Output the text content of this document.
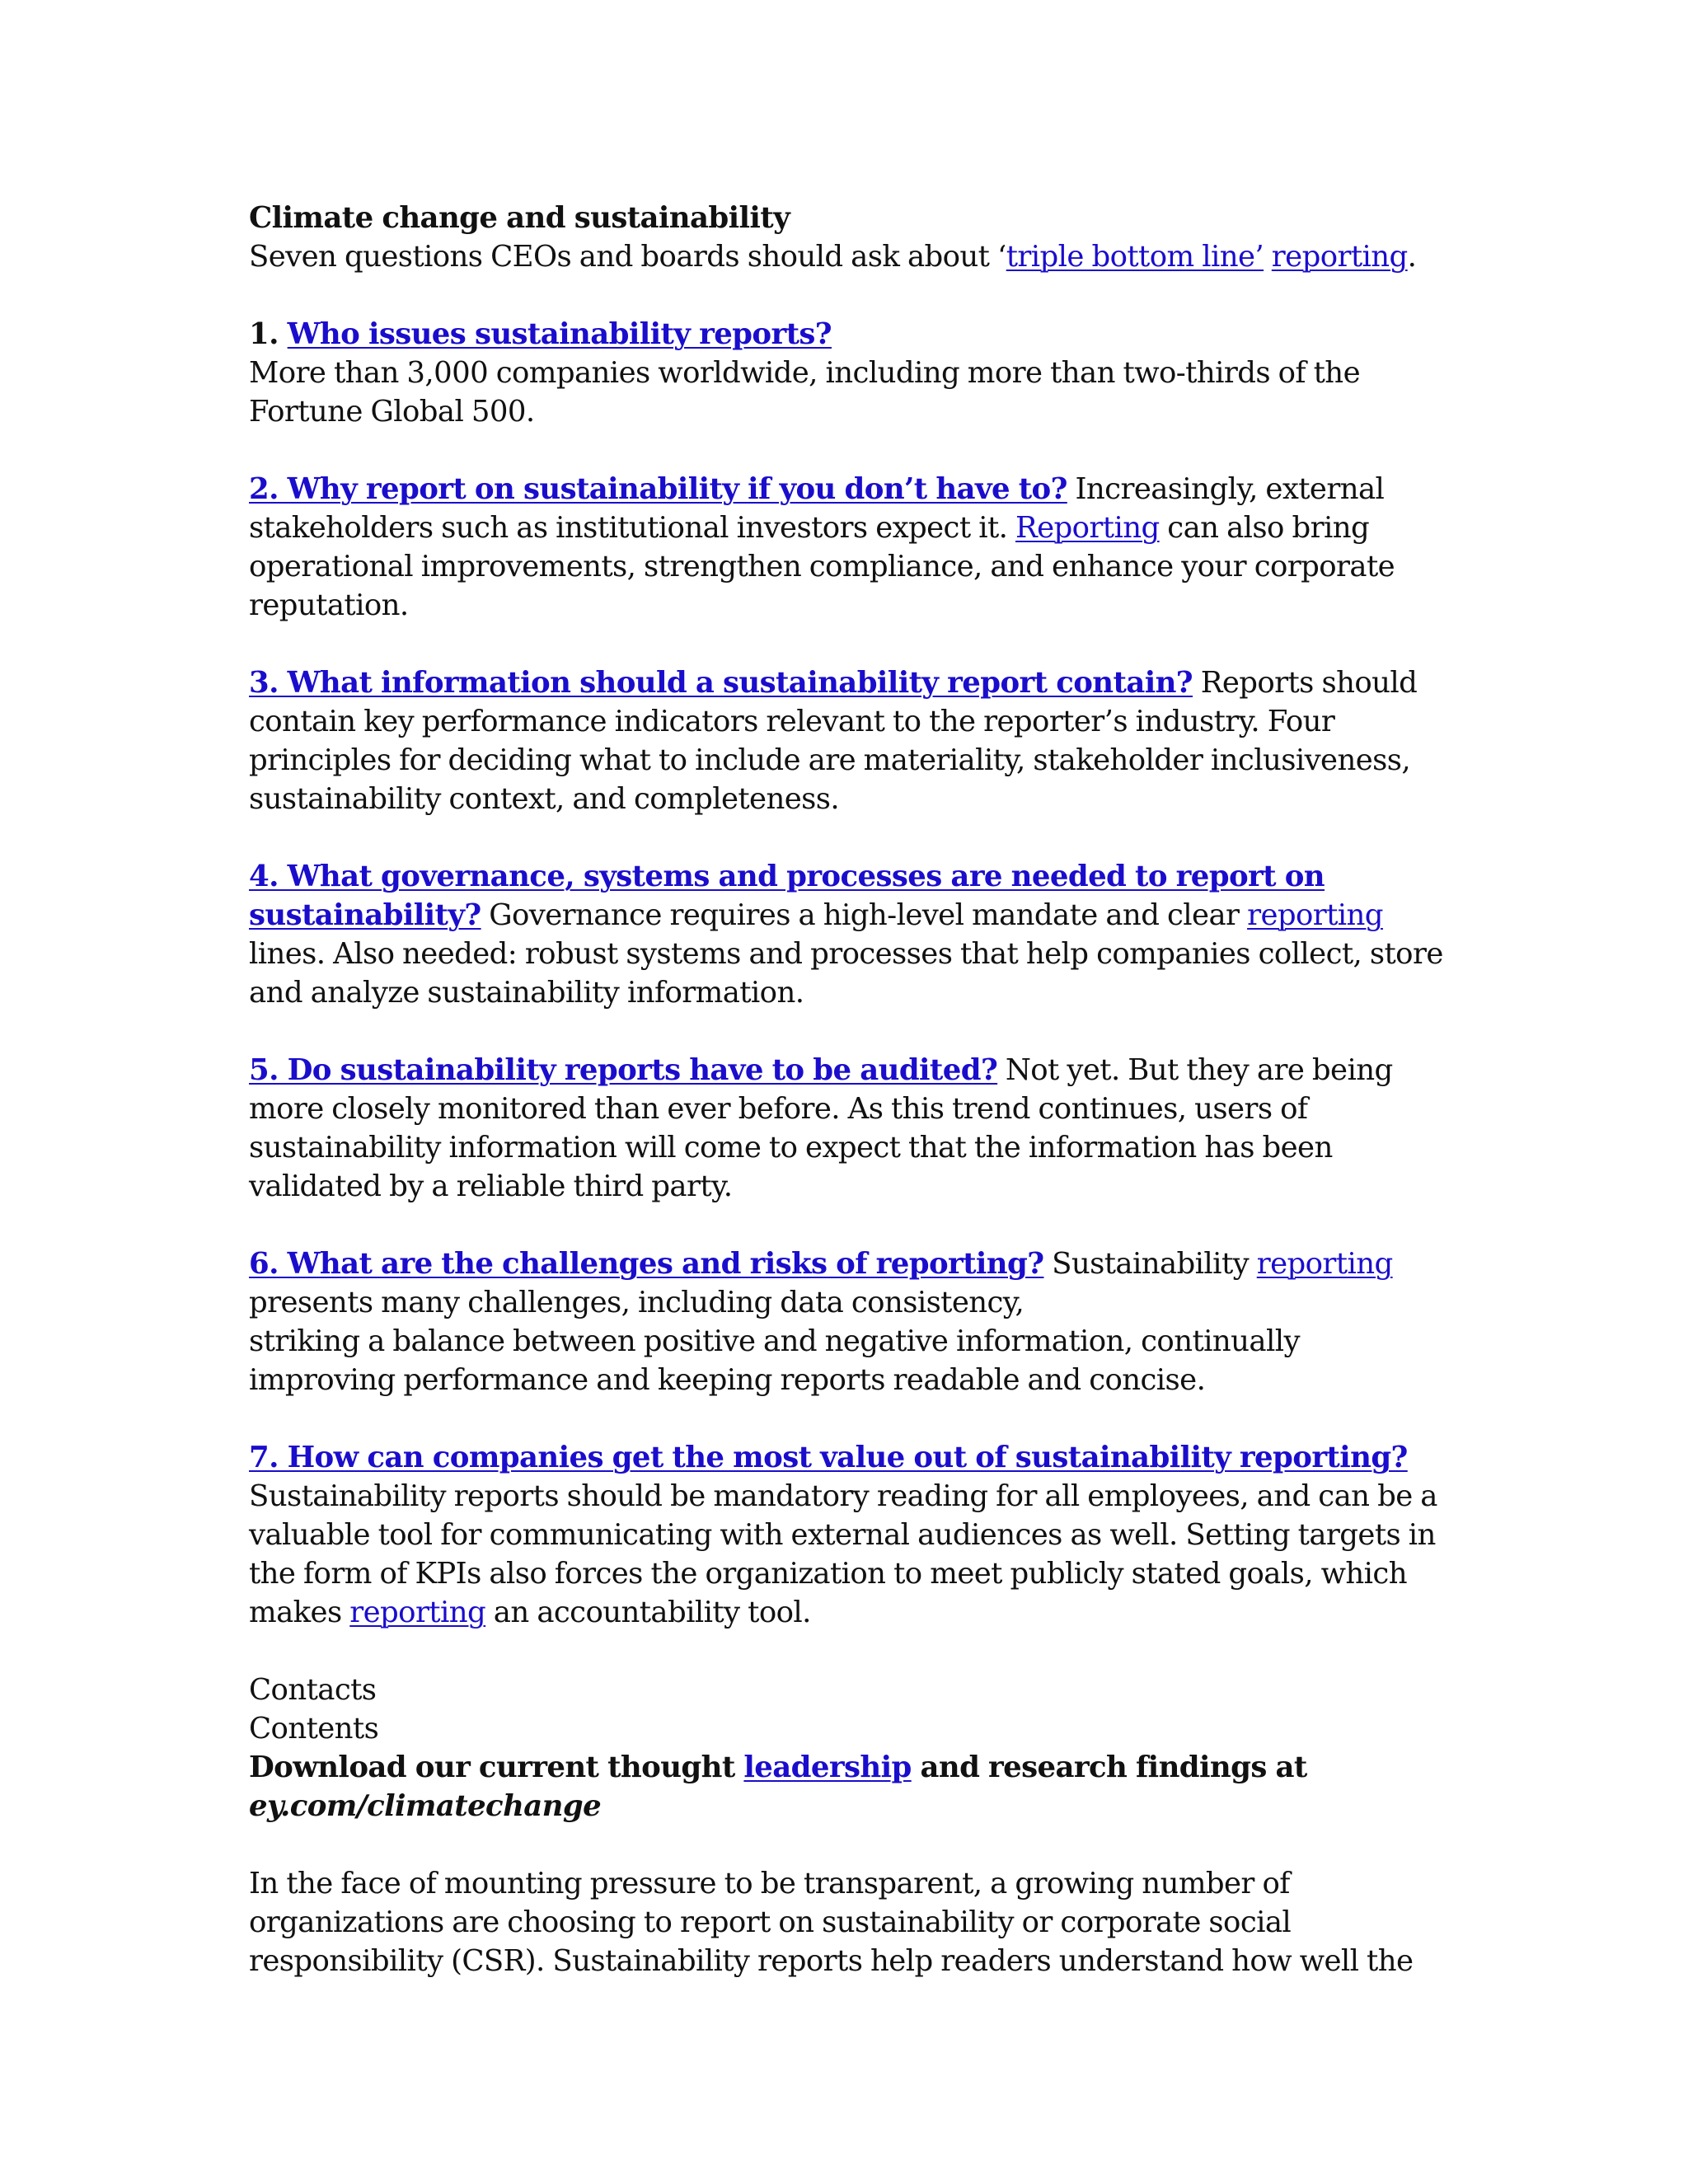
Climate change and sustainability
Seven questions CEOs and boards should ask about ‘triple bottom line’ reporting.
1. Who issues sustainability reports?
More than 3,000 companies worldwide, including more than two-thirds of the Fortune Global 500.
2. Why report on sustainability if you don’t have to? Increasingly, external stakeholders such as institutional investors expect it. Reporting can also bring operational improvements, strengthen compliance, and enhance your corporate reputation.
3. What information should a sustainability report contain? Reports should contain key performance indicators relevant to the reporter’s industry. Four principles for deciding what to include are materiality, stakeholder inclusiveness, sustainability context, and completeness.
4. What governance, systems and processes are needed to report on sustainability? Governance requires a high-level mandate and clear reporting lines. Also needed: robust systems and processes that help companies collect, store and analyze sustainability information.
5. Do sustainability reports have to be audited? Not yet. But they are being more closely monitored than ever before. As this trend continues, users of sustainability information will come to expect that the information has been validated by a reliable third party.
6. What are the challenges and risks of reporting? Sustainability reporting
presents many challenges, including data consistency,
striking a balance between positive and negative information, continually improving performance and keeping reports readable and concise.
7. How can companies get the most value out of sustainability reporting?
Sustainability reports should be mandatory reading for all employees, and can be a valuable tool for communicating with external audiences as well. Setting targets in the form of KPIs also forces the organization to meet publicly stated goals, which makes reporting an accountability tool.
Contacts
Contents
Download our current thought leadership and research findings at
ey.com/climatechange
In the face of mounting pressure to be transparent, a growing number of organizations are choosing to report on sustainability or corporate social responsibility (CSR). Sustainability reports help readers understand how well the
